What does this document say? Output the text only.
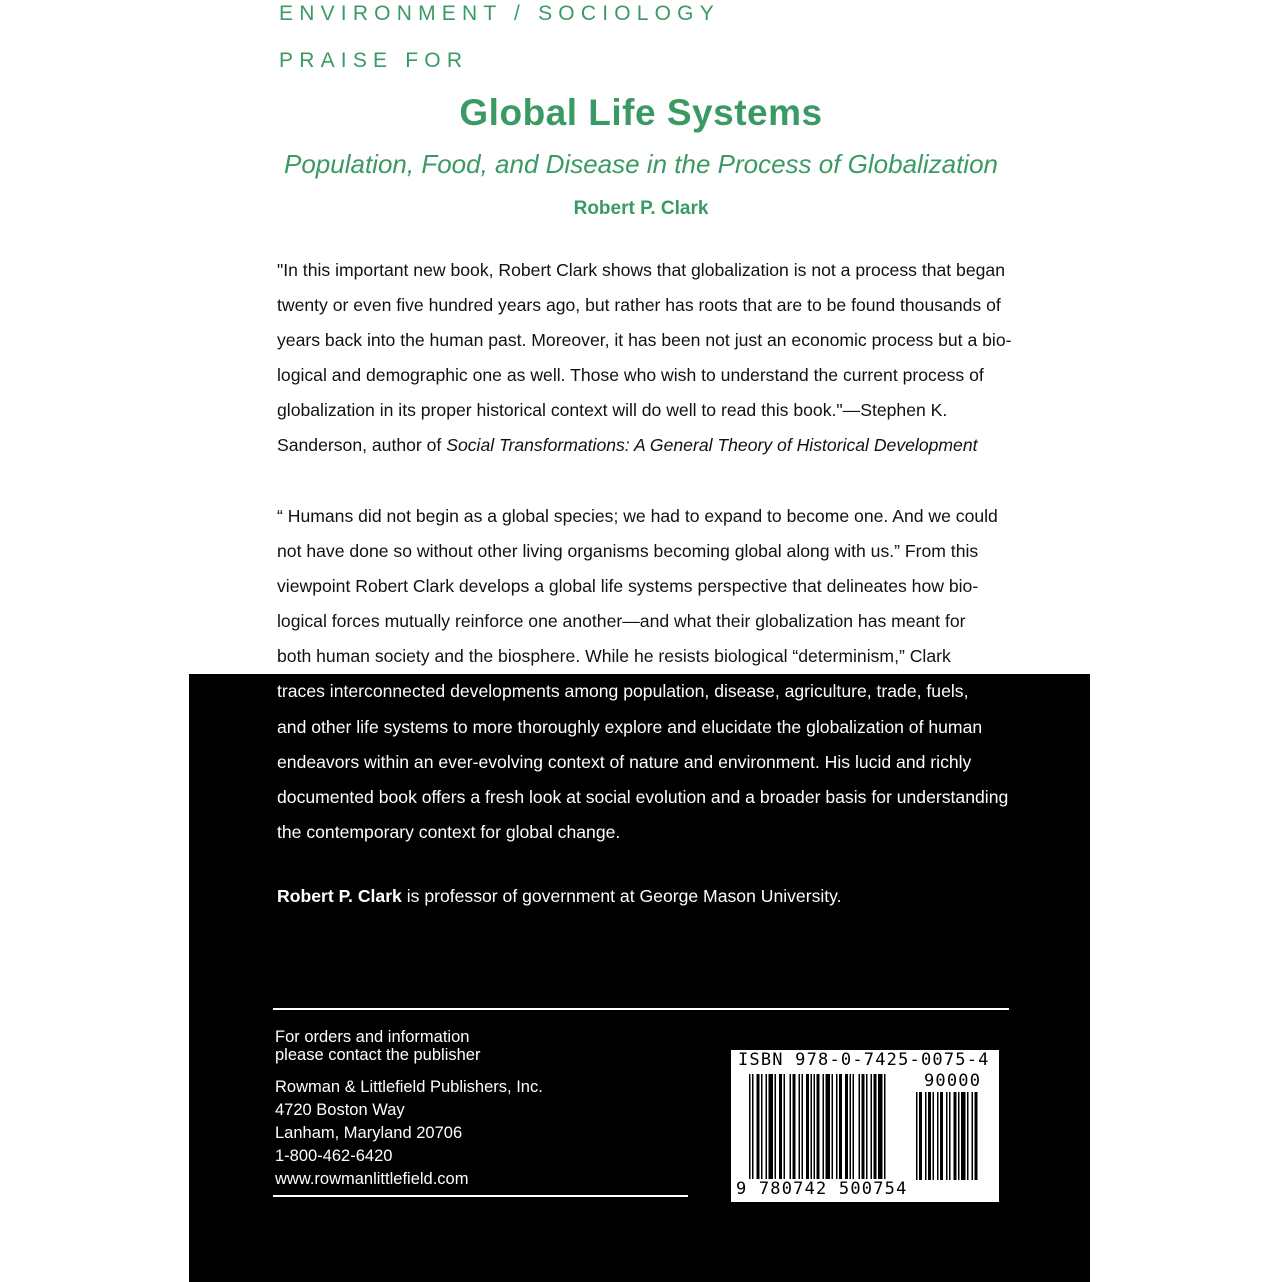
ENVIRONMENT / SOCIOLOGY
PRAISE FOR
Global Life Systems
Population, Food, and Disease in the Process of Globalization
Robert P. Clark
"In this important new book, Robert Clark shows that globalization is not a process that began
twenty or even five hundred years ago, but rather has roots that are to be found thousands of
years back into the human past. Moreover, it has been not just an economic process but a bio-
logical and demographic one as well. Those who wish to understand the current process of
globalization in its proper historical context will do well to read this book."—Stephen K.
Sanderson, author of Social Transformations: A General Theory of Historical Development
“ Humans did not begin as a global species; we had to expand to become one. And we could
not have done so without other living organisms becoming global along with us.” From this
viewpoint Robert Clark develops a global life systems perspective that delineates how bio-
logical forces mutually reinforce one another—and what their globalization has meant for
both human society and the biosphere. While he resists biological “determinism,” Clark
traces interconnected developments among population, disease, agriculture, trade, fuels,
and other life systems to more thoroughly explore and elucidate the globalization of human
endeavors within an ever-evolving context of nature and environment. His lucid and richly
documented book offers a fresh look at social evolution and a broader basis for understanding
the contemporary context for global change.
Robert P. Clark is professor of government at George Mason University.
For orders and information
please contact the publisher
Rowman & Littlefield Publishers, Inc.
4720 Boston Way
Lanham, Maryland 20706
1-800-462-6420
www.rowmanlittlefield.com
ISBN 978-0-7425-0075-4
90000
9 780742 500754
